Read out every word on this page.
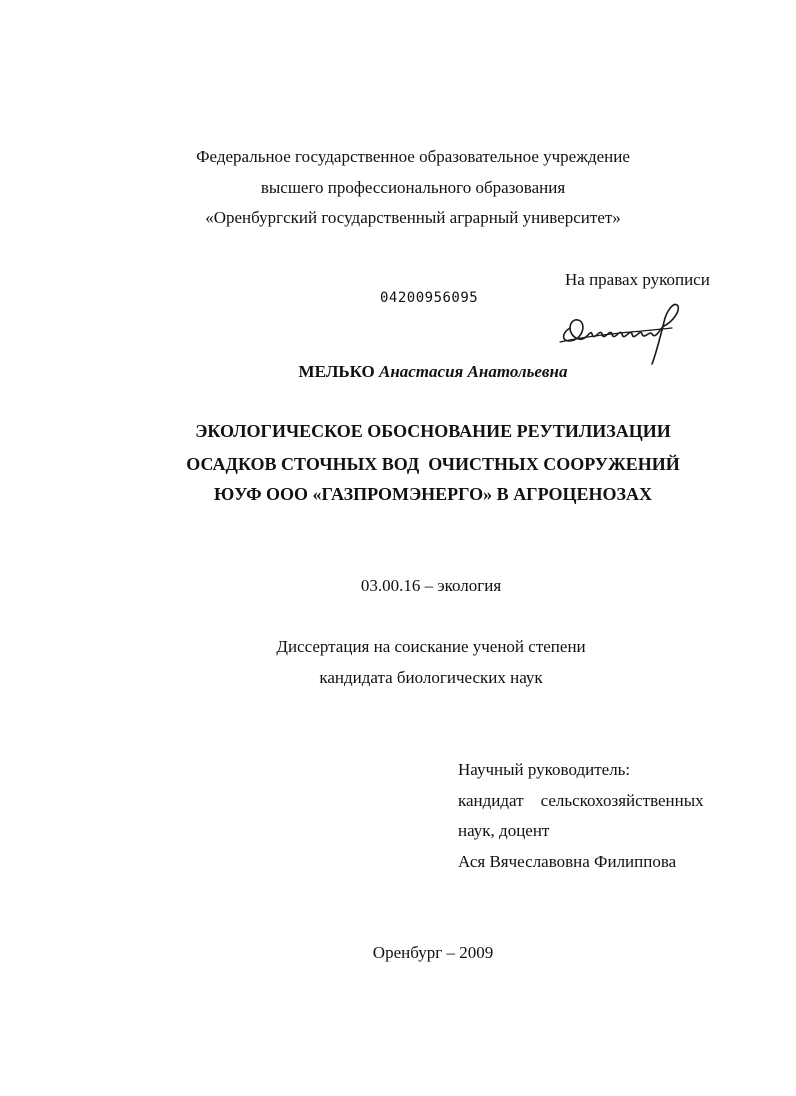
Федеральное государственное образовательное учреждение
высшего профессионального образования
«Оренбургский государственный аграрный университет»
На правах рукописи
04200956095
МЕЛЬКО Анастасия Анатольевна
ЭКОЛОГИЧЕСКОЕ ОБОСНОВАНИЕ РЕУТИЛИЗАЦИИ
ОСАДКОВ СТОЧНЫХ ВОД  ОЧИСТНЫХ СООРУЖЕНИЙ
ЮУФ ООО «ГАЗПРОМЭНЕРГО» В АГРОЦЕНОЗАХ
03.00.16 – экология
Диссертация на соискание ученой степени
кандидата биологических наук
Научный руководитель:
кандидат    сельскохозяйственных
наук, доцент
Ася Вячеславовна Филиппова
Оренбург – 2009
